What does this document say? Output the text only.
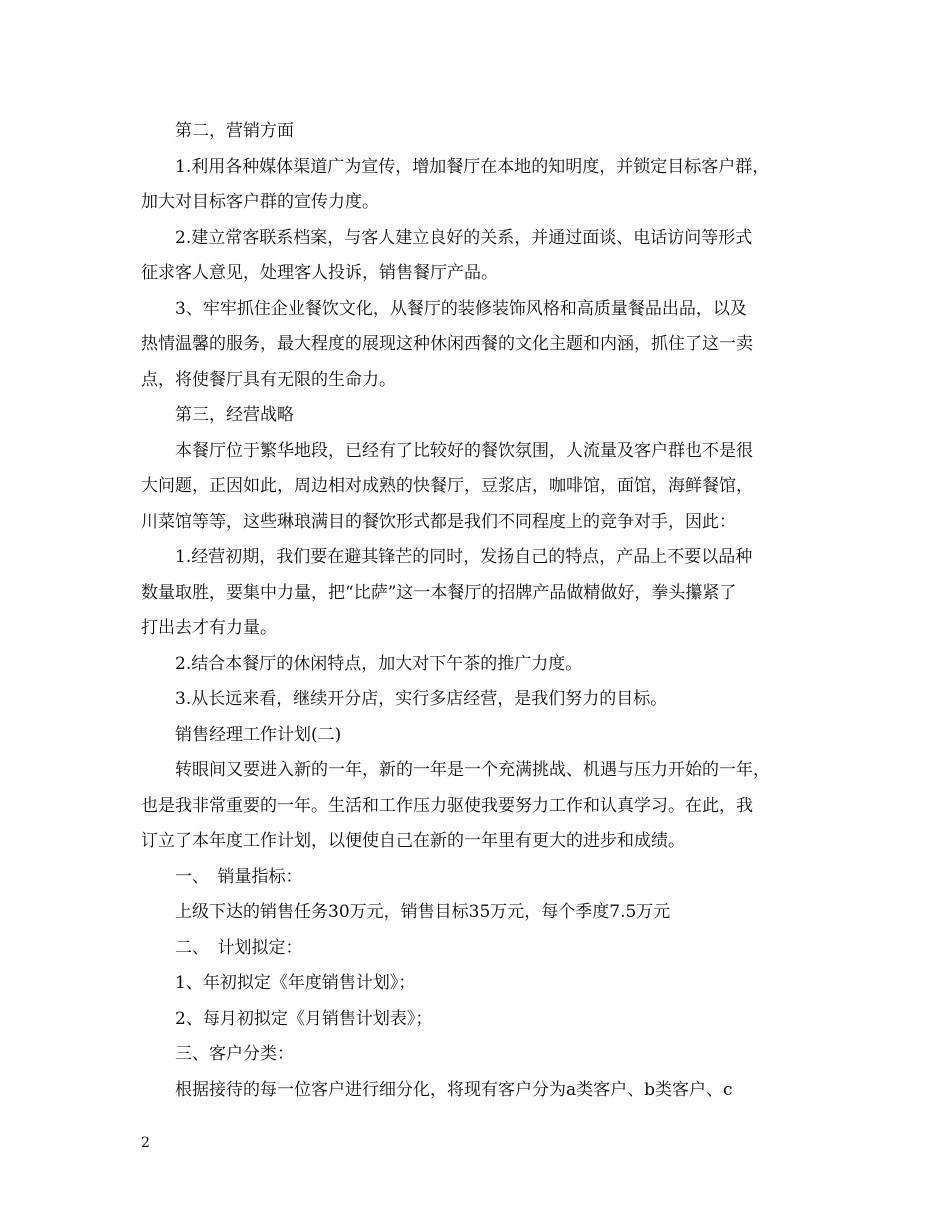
第二，营销方面
1.利用各种媒体渠道广为宣传，增加餐厅在本地的知明度，并锁定目标客户群，
加大对目标客户群的宣传力度。
2.建立常客联系档案，与客人建立良好的关系，并通过面谈、电话访问等形式
征求客人意见，处理客人投诉，销售餐厅产品。
3、牢牢抓住企业餐饮文化，从餐厅的装修装饰风格和高质量餐品出品，以及
热情温馨的服务，最大程度的展现这种休闲西餐的文化主题和内涵，抓住了这一卖
点，将使餐厅具有无限的生命力。
第三，经营战略
本餐厅位于繁华地段，已经有了比较好的餐饮氛围，人流量及客户群也不是很
大问题，正因如此，周边相对成熟的快餐厅，豆浆店，咖啡馆，面馆，海鲜餐馆，
川菜馆等等，这些琳琅满目的餐饮形式都是我们不同程度上的竞争对手，因此：
1.经营初期，我们要在避其锋芒的同时，发扬自己的特点，产品上不要以品种
数量取胜，要集中力量，把“比萨”这一本餐厅的招牌产品做精做好，拳头攥紧了
打出去才有力量。
2.结合本餐厅的休闲特点，加大对下午茶的推广力度。
3.从长远来看，继续开分店，实行多店经营，是我们努力的目标。
销售经理工作计划(二)
转眼间又要进入新的一年，新的一年是一个充满挑战、机遇与压力开始的一年，
也是我非常重要的一年。生活和工作压力驱使我要努力工作和认真学习。在此，我
订立了本年度工作计划，以便使自己在新的一年里有更大的进步和成绩。
一、　销量指标：
上级下达的销售任务30万元，销售目标35万元，每个季度7.5万元
二、　计划拟定：
1、年初拟定《年度销售计划》；
2、每月初拟定《月销售计划表》；
三、客户分类：
根据接待的每一位客户进行细分化，将现有客户分为a类客户、b类客户、c
2
